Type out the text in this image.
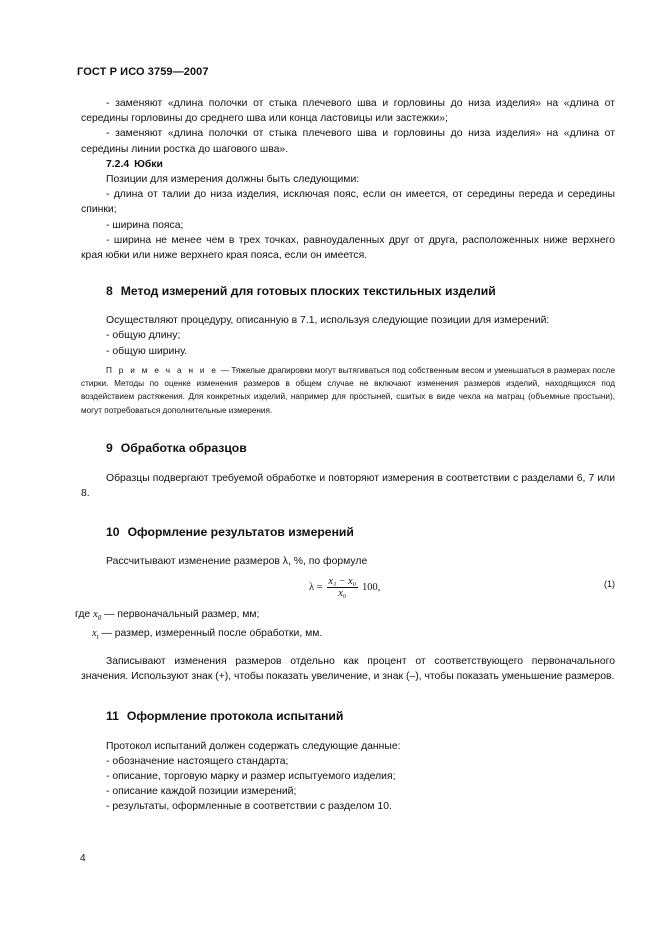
ГОСТ Р ИСО 3759—2007

- заменяют «длина полочки от стыка плечевого шва и горловины до низа изделия» на «длина от середины горловины до среднего шва или конца ластовицы или застежки»;

- заменяют «длина полочки от стыка плечевого шва и горловины до низа изделия» на «длина от середины линии ростка до шагового шва».

7.2.4 Юбки

Позиции для измерения должны быть следующими:

- длина от талии до низа изделия, исключая пояс, если он имеется, от середины переда и середины спинки;

- ширина пояса;

- ширина не менее чем в трех точках, равноудаленных друг от друга, расположенных ниже верхнего края юбки или ниже верхнего края пояса, если он имеется.

8 Метод измерений для готовых плоских текстильных изделий

Осуществляют процедуру, описанную в 7.1, используя следующие позиции для измерений:

- общую длину;

- общую ширину.

П р и м е ч а н и е — Тяжелые драпировки могут вытягиваться под собственным весом и уменьшаться в размерах после стирки. Методы по оценке изменения размеров в общем случае не включают изменения размеров изделий, находящихся под воздействием растяжения. Для конкретных изделий, например для простыней, сшитых в виде чехла на матрац (объемные простыни), могут потребоваться дополнительные измерения.

9 Обработка образцов

Образцы подвергают требуемой обработке и повторяют измерения в соответствии с разделами 6, 7 или 8.

10 Оформление результатов измерений

Рассчитывают изменение размеров λ, %, по формуле

$\lambda = \frac{\text{x₁ − x₀}}{\text{x₀}} 100$,	(1)

где $x_0$ — первоначальный размер, мм;

$x_t$ — размер, измеренный после обработки, мм.

Записывают изменения размеров отдельно как процент от соответствующего первоначального значения. Используют знак (+), чтобы показать увеличение, и знак (–), чтобы показать уменьшение размеров.

11 Оформление протокола испытаний

Протокол испытаний должен содержать следующие данные:

- обозначение настоящего стандарта;

- описание, торговую марку и размер испытуемого изделия;

- описание каждой позиции измерений;

- результаты, оформленные в соответствии с разделом 10.

4
